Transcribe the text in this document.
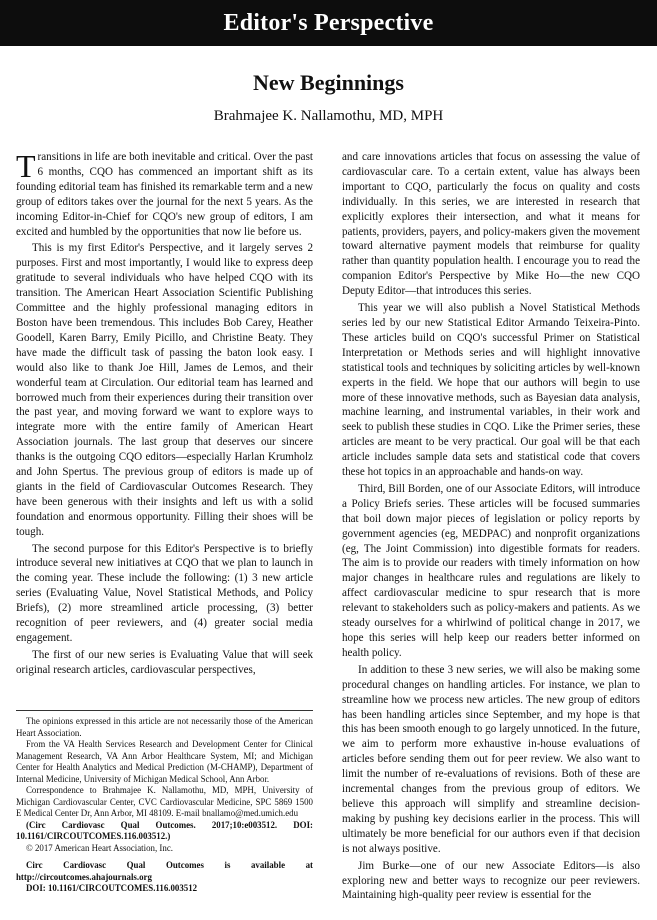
Editor's Perspective
New Beginnings
Brahmajee K. Nallamothu, MD, MPH

Transitions in life are both inevitable and critical. Over the past 6 months, CQO has commenced an important shift as its founding editorial team has finished its remarkable term and a new group of editors takes over the journal for the next 5 years. As the incoming Editor-in-Chief for CQO's new group of editors, I am excited and humbled by the opportunities that now lie before us.

This is my first Editor's Perspective, and it largely serves 2 purposes. First and most importantly, I would like to express deep gratitude to several individuals who have helped CQO with its transition. The American Heart Association Scientific Publishing Committee and the highly professional managing editors in Boston have been tremendous. This includes Bob Carey, Heather Goodell, Karen Barry, Emily Picillo, and Christine Beaty. They have made the difficult task of passing the baton look easy. I would also like to thank Joe Hill, James de Lemos, and their wonderful team at Circulation. Our editorial team has learned and borrowed much from their experiences during their transition over the past year, and moving forward we want to explore ways to integrate more with the entire family of American Heart Association journals. The last group that deserves our sincere thanks is the outgoing CQO editors—especially Harlan Krumholz and John Spertus. The previous group of editors is made up of giants in the field of Cardiovascular Outcomes Research. They have been generous with their insights and left us with a solid foundation and enormous opportunity. Filling their shoes will be tough.

The second purpose for this Editor's Perspective is to briefly introduce several new initiatives at CQO that we plan to launch in the coming year. These include the following: (1) 3 new article series (Evaluating Value, Novel Statistical Methods, and Policy Briefs), (2) more streamlined article processing, (3) better recognition of peer reviewers, and (4) greater social media engagement.

The first of our new series is Evaluating Value that will seek original research articles, cardiovascular perspectives,

and care innovations articles that focus on assessing the value of cardiovascular care. To a certain extent, value has always been important to CQO, particularly the focus on quality and costs individually. In this series, we are interested in research that explicitly explores their intersection, and what it means for patients, providers, payers, and policy-makers given the movement toward alternative payment models that reimburse for quality rather than quantity population health. I encourage you to read the companion Editor's Perspective by Mike Ho—the new CQO Deputy Editor—that introduces this series.

This year we will also publish a Novel Statistical Methods series led by our new Statistical Editor Armando Teixeira-Pinto. These articles build on CQO's successful Primer on Statistical Interpretation or Methods series and will highlight innovative statistical tools and techniques by soliciting articles by well-known experts in the field. We hope that our authors will begin to use more of these innovative methods, such as Bayesian data analysis, machine learning, and instrumental variables, in their work and seek to publish these studies in CQO. Like the Primer series, these articles are meant to be very practical. Our goal will be that each article includes sample data sets and statistical code that covers these hot topics in an approachable and hands-on way.

Third, Bill Borden, one of our Associate Editors, will introduce a Policy Briefs series. These articles will be focused summaries that boil down major pieces of legislation or policy reports by government agencies (eg, MEDPAC) and nonprofit organizations (eg, The Joint Commission) into digestible formats for readers. The aim is to provide our readers with timely information on how major changes in healthcare rules and regulations are likely to affect cardiovascular medicine to spur research that is more relevant to stakeholders such as policy-makers and patients. As we steady ourselves for a whirlwind of political change in 2017, we hope this series will help keep our readers better informed on health policy.

In addition to these 3 new series, we will also be making some procedural changes on handling articles. For instance, we plan to streamline how we process new articles. The new group of editors has been handling articles since September, and my hope is that this has been smooth enough to go largely unnoticed. In the future, we aim to perform more exhaustive in-house evaluations of articles before sending them out for peer review. We also want to limit the number of re-evaluations of revisions. Both of these are incremental changes from the previous group of editors. We believe this approach will simplify and streamline decision-making by pushing key decisions earlier in the process. This will ultimately be more beneficial for our authors even if that decision is not always positive.

Jim Burke—one of our new Associate Editors—is also exploring new and better ways to recognize our peer reviewers. Maintaining high-quality peer review is essential for the

The opinions expressed in this article are not necessarily those of the American Heart Association.

From the VA Health Services Research and Development Center for Clinical Management Research, VA Ann Arbor Healthcare System, MI; and Michigan Center for Health Analytics and Medical Prediction (M-CHAMP), Department of Internal Medicine, University of Michigan Medical School, Ann Arbor.

Correspondence to Brahmajee K. Nallamothu, MD, MPH, University of Michigan Cardiovascular Center, CVC Cardiovascular Medicine, SPC 5869 1500 E Medical Center Dr, Ann Arbor, MI 48109. E-mail bnallamo@med.umich.edu

(Circ Cardiovasc Qual Outcomes. 2017;10:e003512. DOI: 10.1161/CIRCOUTCOMES.116.003512.)

© 2017 American Heart Association, Inc.

Circ Cardiovasc Qual Outcomes is available at http://circoutcomes.ahajournals.org

DOI: 10.1161/CIRCOUTCOMES.116.003512
